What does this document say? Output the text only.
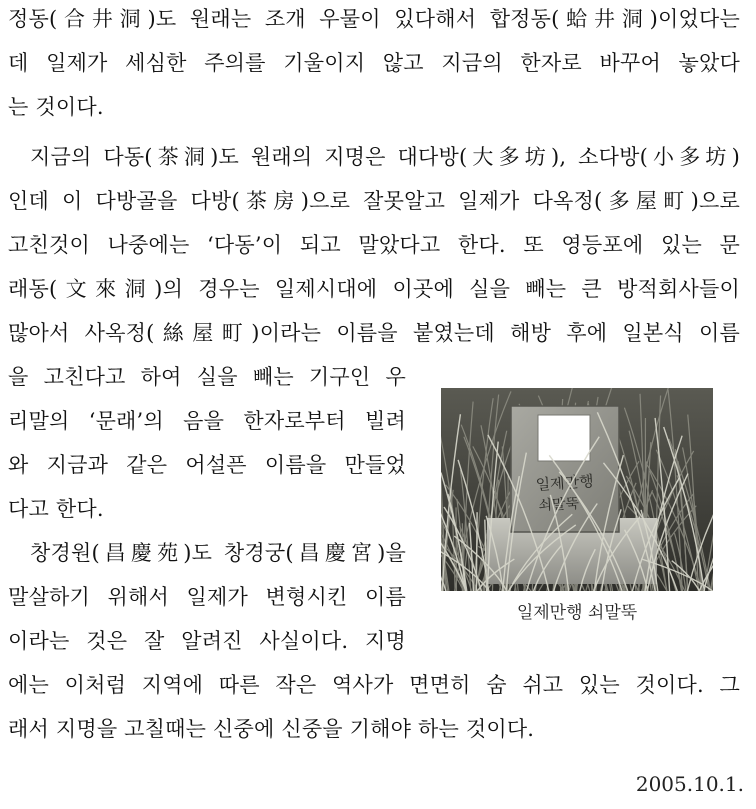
정동(合井洞)도 원래는 조개 우물이 있다해서 합정동(蛤井洞)이었다는
데 일제가 세심한 주의를 기울이지 않고 지금의 한자로 바꾸어 놓았다
는 것이다.
지금의 다동(茶洞)도 원래의 지명은 대다방(大多坊), 소다방(小多坊)
인데 이 다방골을 다방(茶房)으로 잘못알고 일제가 다옥정(多屋町)으로
고친것이 나중에는 ‘다동’이 되고 말았다고 한다. 또 영등포에 있는 문
래동(文來洞)의 경우는 일제시대에 이곳에 실을 빼는 큰 방적회사들이
많아서 사옥정(絲屋町)이라는 이름을 붙였는데 해방 후에 일본식 이름
을 고친다고 하여 실을 빼는 기구인 우
리말의 ‘문래’의 음을 한자로부터 빌려
와 지금과 같은 어설픈 이름을 만들었
다고 한다.
창경원(昌慶苑)도 창경궁(昌慶宮)을
말살하기 위해서 일제가 변형시킨 이름
이라는 것은 잘 알려진 사실이다. 지명
에는 이처럼 지역에 따른 작은 역사가 면면히 숨 쉬고 있는 것이다. 그
래서 지명을 고칠때는 신중에 신중을 기해야 하는 것이다.
일제만행
쇠말뚝
일제만행 쇠말뚝
2005.10.1.
